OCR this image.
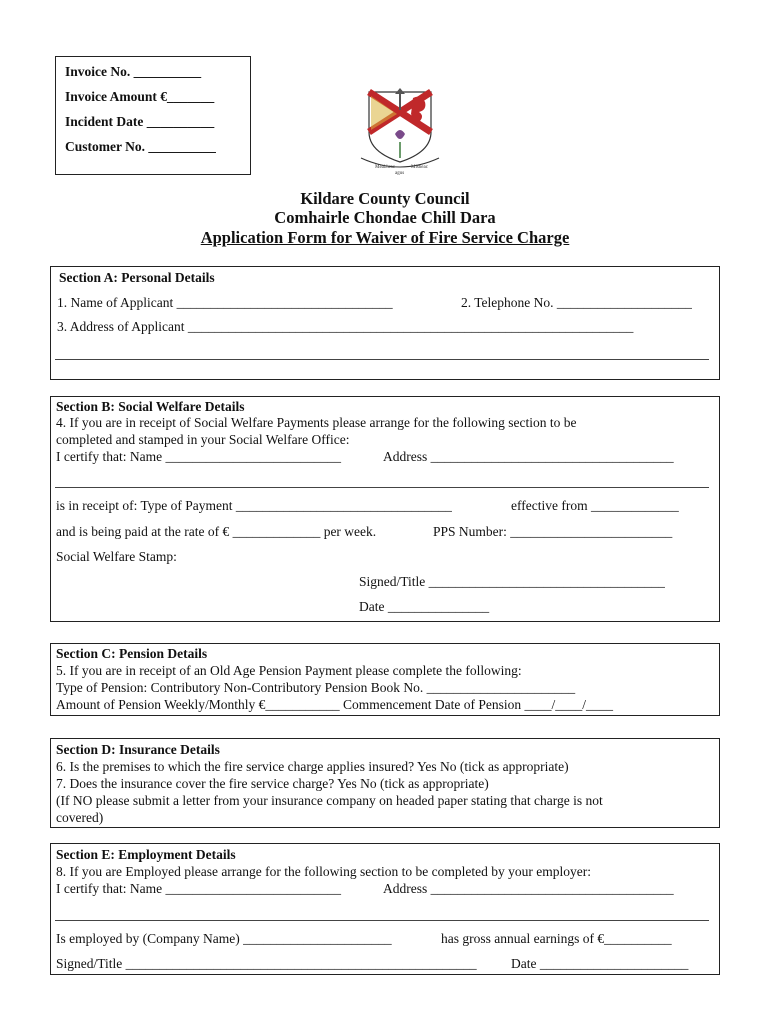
Invoice No. __________
Invoice Amount €_______
Incident Date __________
Customer No. __________
Meabhrac
agus
Misneac
Kildare County Council
Comhairle Chondae Chill Dara
Application Form for Waiver of Fire Service Charge
Section A: Personal Details
1. Name of Applicant ________________________________	2. Telephone No. ____________________
3. Address of Applicant __________________________________________________________________
Section B: Social Welfare Details
4. If you are in receipt of Social Welfare Payments please arrange for the following section to be
completed and stamped in your Social Welfare Office:
I certify that: Name __________________________	Address ____________________________________
is in receipt of: Type of Payment ________________________________	effective from _____________
and is being paid at the rate of € _____________ per week.	PPS Number: ________________________
Social Welfare Stamp:
Signed/Title ___________________________________
Date _______________
Section C: Pension Details
5. If you are in receipt of an Old Age Pension Payment please complete the following:
Type of Pension: Contributory Non-Contributory Pension Book No. ______________________
Amount of Pension Weekly/Monthly €___________ Commencement Date of Pension ____/____/____
Section D: Insurance Details
6. Is the premises to which the fire service charge applies insured? Yes No (tick as appropriate)
7. Does the insurance cover the fire service charge? Yes No (tick as appropriate)
(If NO please submit a letter from your insurance company on headed paper stating that charge is not
covered)
Section E: Employment Details
8. If you are Employed please arrange for the following section to be completed by your employer:
I certify that: Name __________________________	Address ____________________________________
Is employed by (Company Name) ______________________	has gross annual earnings of €__________
Signed/Title ____________________________________________________	Date ______________________
